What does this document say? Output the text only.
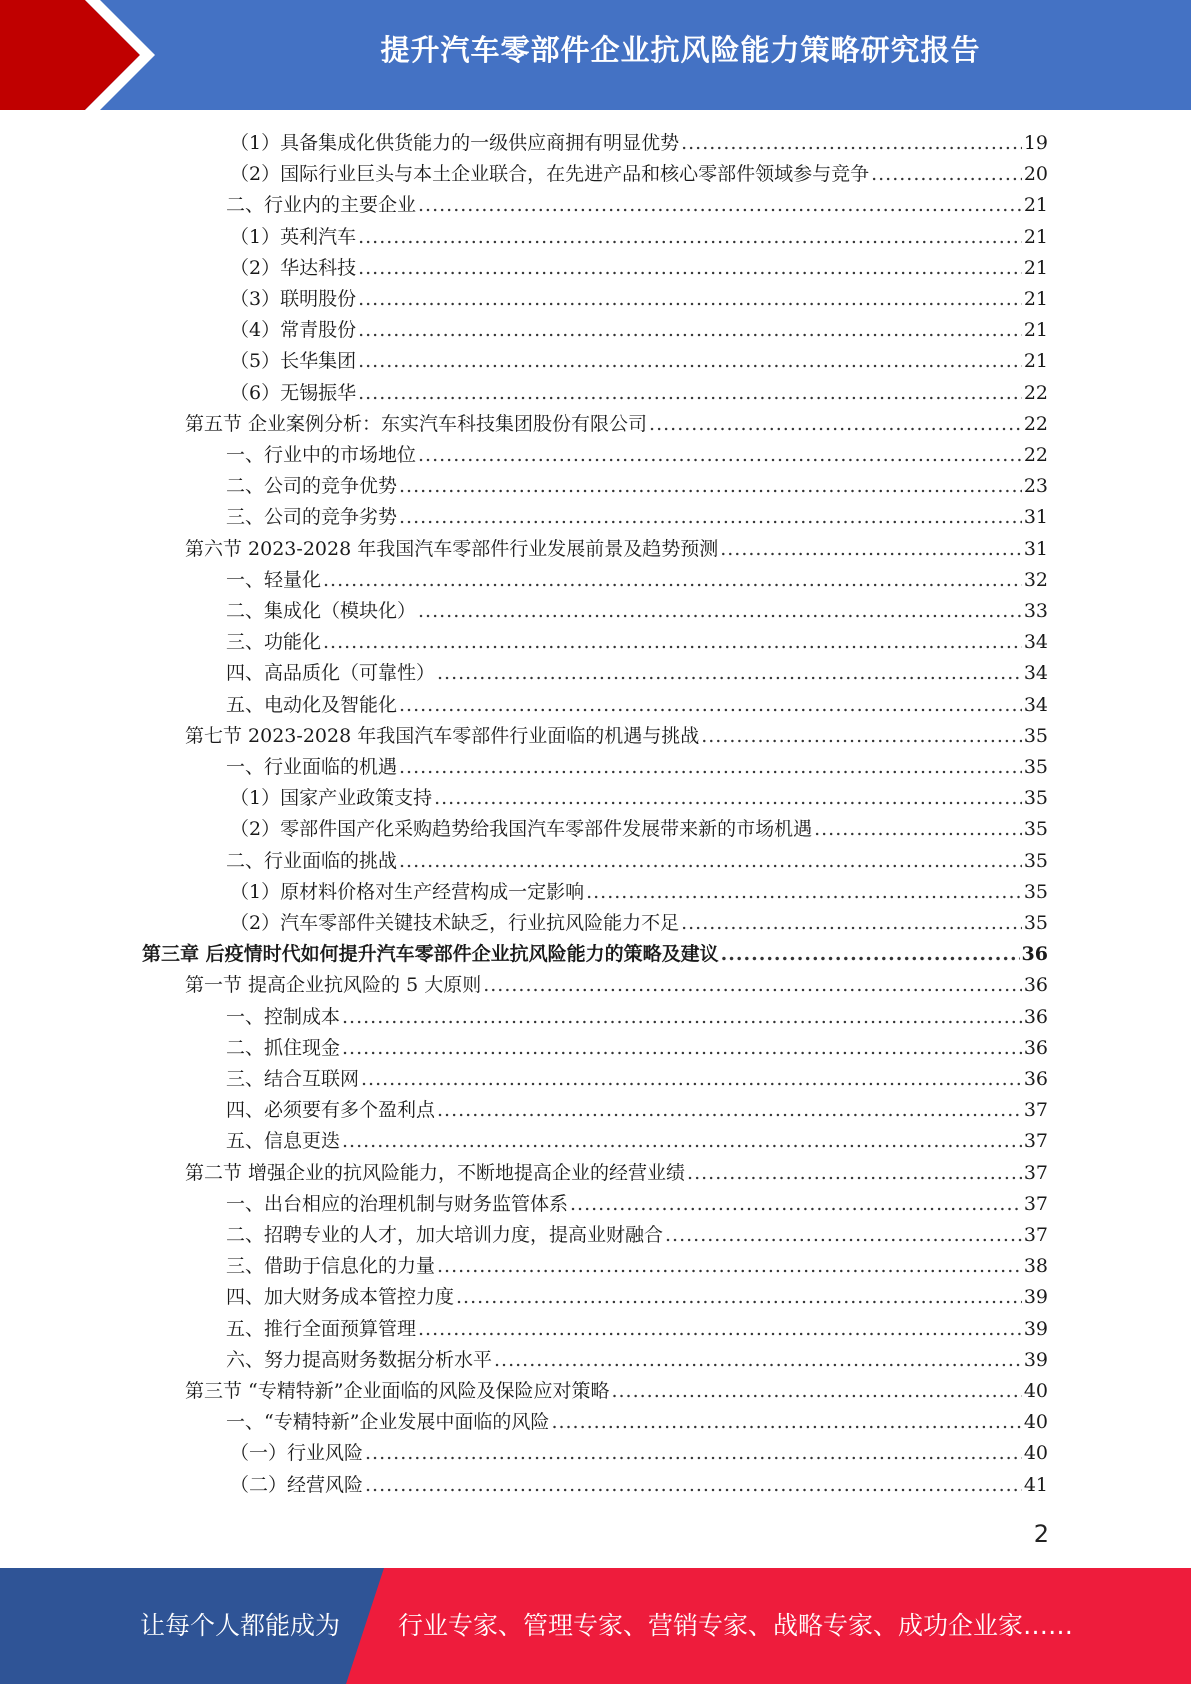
提升汽车零部件企业抗风险能力策略研究报告
（1）具备集成化供货能力的一级供应商拥有明显优势 .....	19
（2）国际行业巨头与本土企业联合，在先进产品和核心零部件领域参与竞争 .....	20
二、行业内的主要企业 .....	21
（1）英利汽车 .....	21
（2）华达科技 .....	21
（3）联明股份 .....	21
（4）常青股份 .....	21
（5）长华集团 .....	21
（6）无锡振华 .....	22
第五节 企业案例分析：东实汽车科技集团股份有限公司 .....	22
一、行业中的市场地位 .....	22
二、公司的竞争优势 .....	23
三、公司的竞争劣势 .....	31
第六节 2023-2028 年我国汽车零部件行业发展前景及趋势预测 .....	31
一、轻量化 .....	32
二、集成化（模块化） .....	33
三、功能化 .....	34
四、高品质化（可靠性） .....	34
五、电动化及智能化 .....	34
第七节 2023-2028 年我国汽车零部件行业面临的机遇与挑战 .....	35
一、行业面临的机遇 .....	35
（1）国家产业政策支持 .....	35
（2）零部件国产化采购趋势给我国汽车零部件发展带来新的市场机遇 .....	35
二、行业面临的挑战 .....	35
（1）原材料价格对生产经营构成一定影响 .....	35
（2）汽车零部件关键技术缺乏，行业抗风险能力不足 .....	35
第三章 后疫情时代如何提升汽车零部件企业抗风险能力的策略及建议 .....	36
第一节 提高企业抗风险的 5 大原则 .....	36
一、控制成本 .....	36
二、抓住现金 .....	36
三、结合互联网 .....	36
四、必须要有多个盈利点 .....	37
五、信息更迭 .....	37
第二节 增强企业的抗风险能力，不断地提高企业的经营业绩 .....	37
一、出台相应的治理机制与财务监管体系 .....	37
二、招聘专业的人才，加大培训力度，提高业财融合 .....	37
三、借助于信息化的力量 .....	38
四、加大财务成本管控力度 .....	39
五、推行全面预算管理 .....	39
六、努力提高财务数据分析水平 .....	39
第三节 “专精特新”企业面临的风险及保险应对策略 .....	40
一、“专精特新”企业发展中面临的风险 .....	40
（一）行业风险 .....	40
（二）经营风险 .....	41
2
让每个人都能成为 行业专家、管理专家、营销专家、战略专家、成功企业家……
